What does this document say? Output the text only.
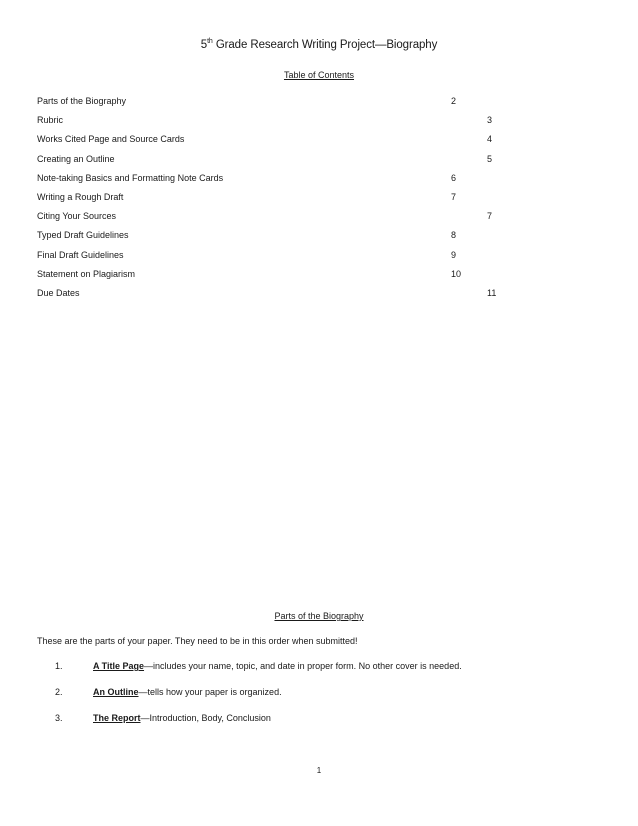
5th Grade Research Writing Project—Biography
Table of Contents
Parts of the Biography	2
Rubric	3
Works Cited Page and Source Cards	4
Creating an Outline	5
Note-taking Basics and Formatting Note Cards	6
Writing a Rough Draft	7
Citing Your Sources	7
Typed Draft Guidelines	8
Final Draft Guidelines	9
Statement on Plagiarism	10
Due Dates	11
Parts of the Biography
These are the parts of your paper. They need to be in this order when submitted!
1.	A Title Page—includes your name, topic, and date in proper form. No other cover is needed.
2.	An Outline—tells how your paper is organized.
3.	The Report—Introduction, Body, Conclusion
1
